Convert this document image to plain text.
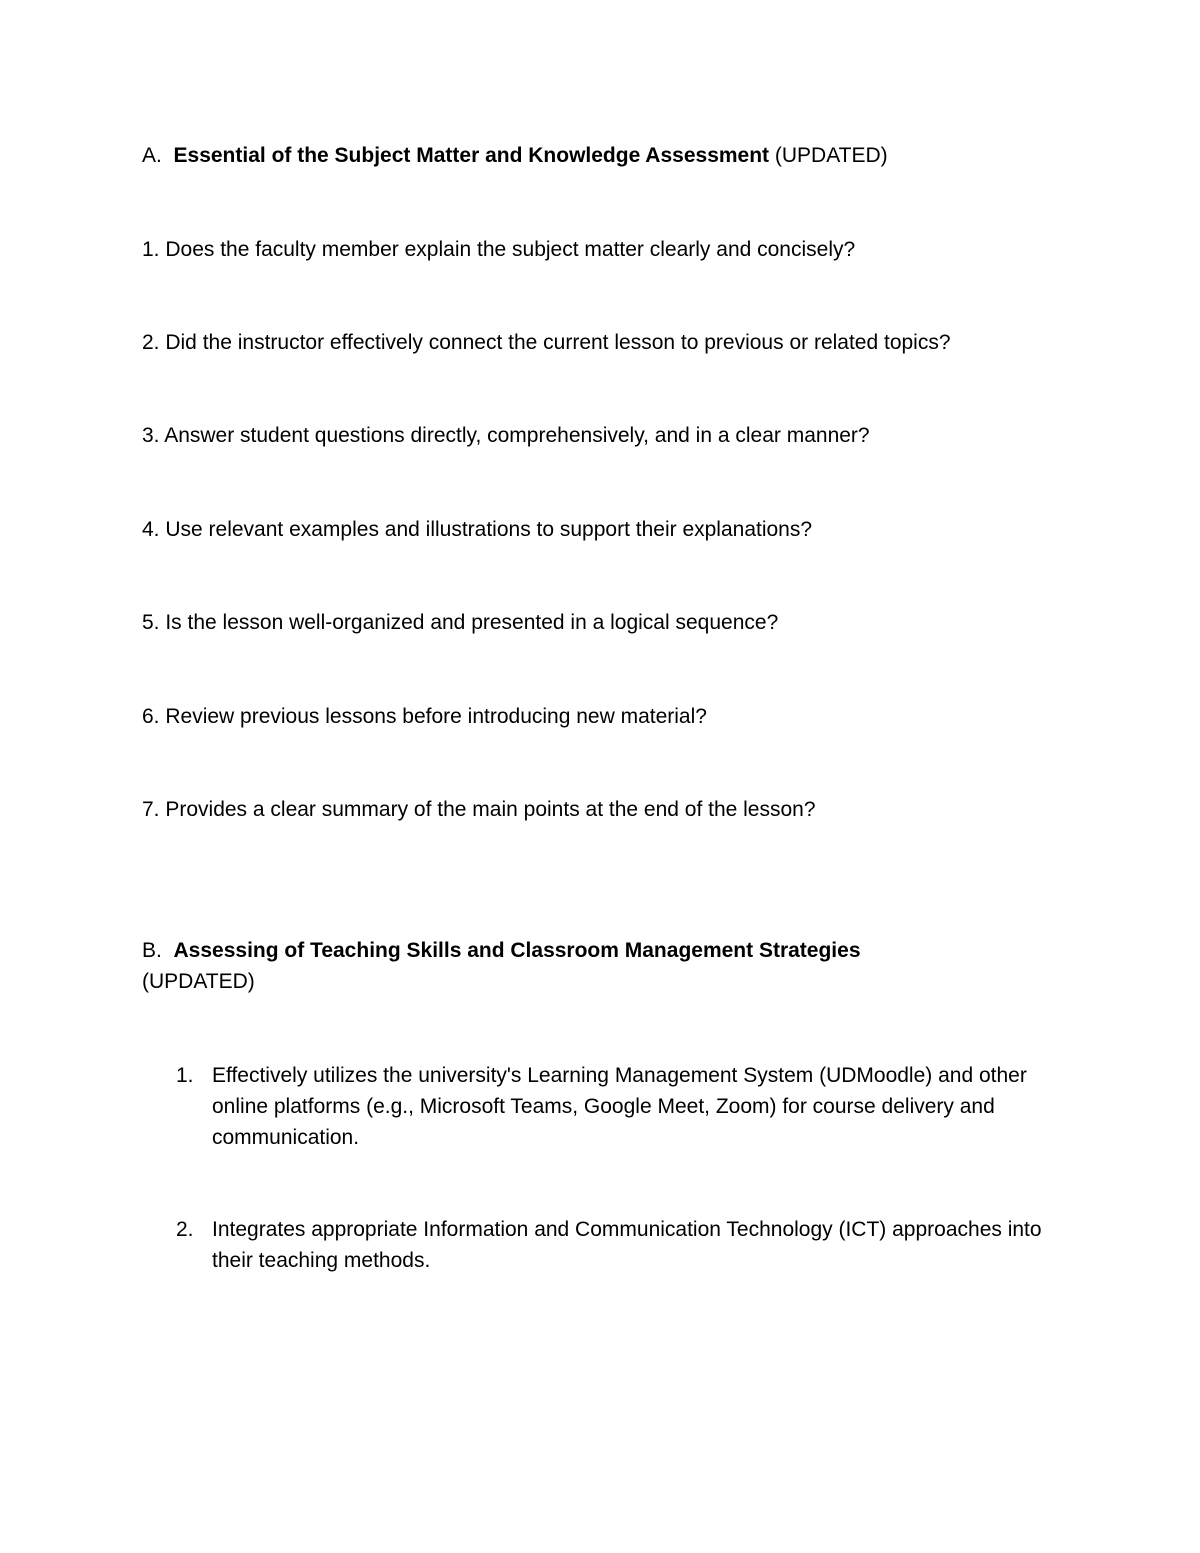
A. Essential of the Subject Matter and Knowledge Assessment (UPDATED)
1. Does the faculty member explain the subject matter clearly and concisely?
2. Did the instructor effectively connect the current lesson to previous or related topics?
3. Answer student questions directly, comprehensively, and in a clear manner?
4. Use relevant examples and illustrations to support their explanations?
5. Is the lesson well-organized and presented in a logical sequence?
6. Review previous lessons before introducing new material?
7. Provides a clear summary of the main points at the end of the lesson?
B. Assessing of Teaching Skills and Classroom Management Strategies
(UPDATED)
1. Effectively utilizes the university's Learning Management System (UDMoodle) and other online platforms (e.g., Microsoft Teams, Google Meet, Zoom) for course delivery and communication.
2. Integrates appropriate Information and Communication Technology (ICT) approaches into their teaching methods.
